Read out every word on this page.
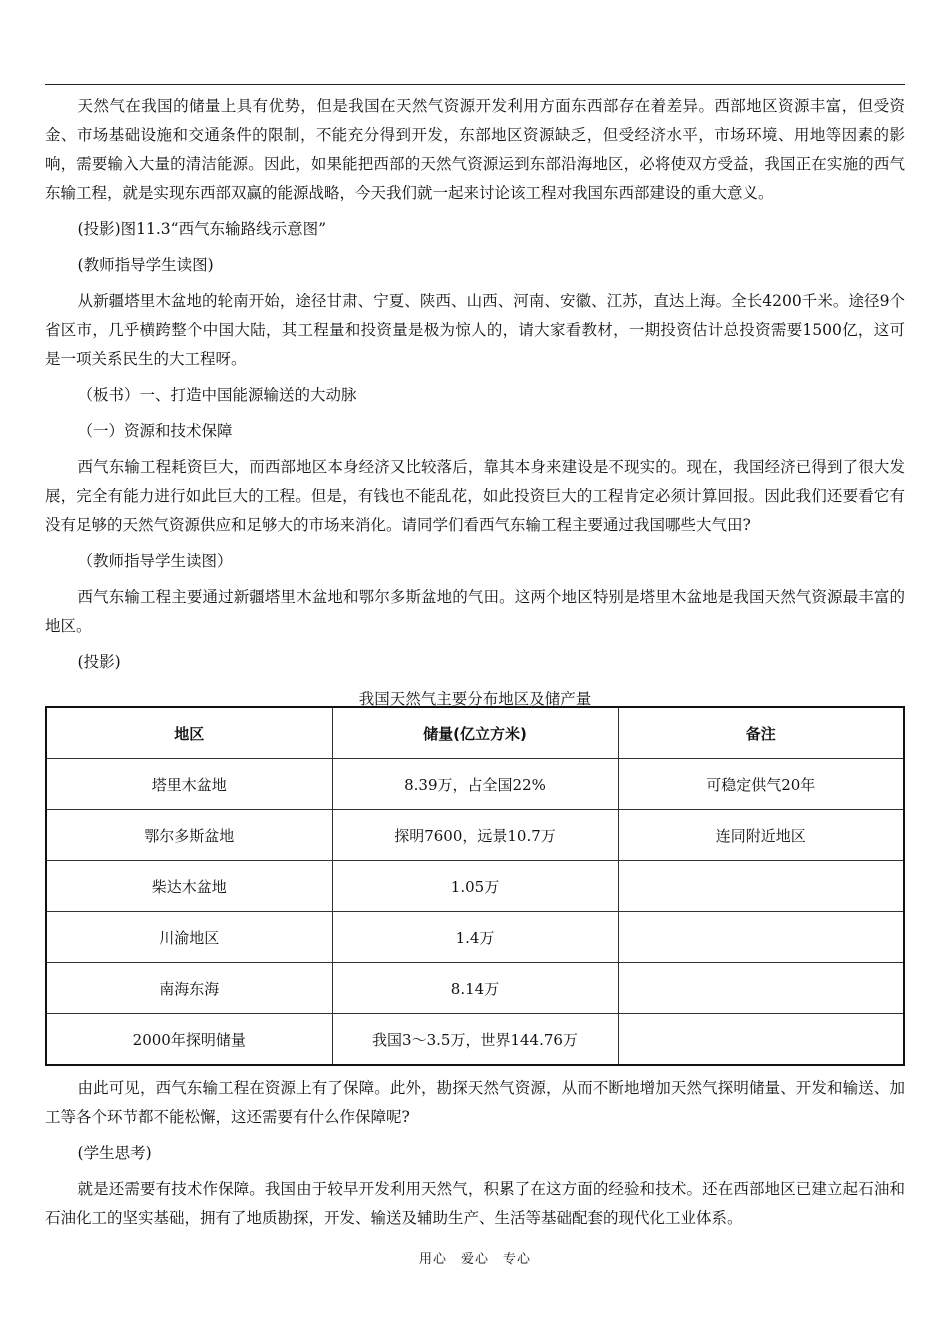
天然气在我国的储量上具有优势，但是我国在天然气资源开发利用方面东西部存在着差异。西部地区资源丰富，但受资金、市场基础设施和交通条件的限制，不能充分得到开发，东部地区资源缺乏，但受经济水平，市场环境、用地等因素的影响，需要输入大量的清洁能源。因此，如果能把西部的天然气资源运到东部沿海地区，必将使双方受益，我国正在实施的西气东输工程，就是实现东西部双赢的能源战略，今天我们就一起来讨论该工程对我国东西部建设的重大意义。

(投影)图11.3“西气东输路线示意图”

(教师指导学生读图)

从新疆塔里木盆地的轮南开始，途径甘肃、宁夏、陕西、山西、河南、安徽、江苏，直达上海。全长4200千米。途径9个省区市，几乎横跨整个中国大陆，其工程量和投资量是极为惊人的，请大家看教材，一期投资估计总投资需要1500亿，这可是一项关系民生的大工程呀。

（板书）一、打造中国能源输送的大动脉

（一）资源和技术保障

西气东输工程耗资巨大，而西部地区本身经济又比较落后，靠其本身来建设是不现实的。现在，我国经济已得到了很大发展，完全有能力进行如此巨大的工程。但是，有钱也不能乱花，如此投资巨大的工程肯定必须计算回报。因此我们还要看它有没有足够的天然气资源供应和足够大的市场来消化。请同学们看西气东输工程主要通过我国哪些大气田?

（教师指导学生读图）

西气东输工程主要通过新疆塔里木盆地和鄂尔多斯盆地的气田。这两个地区特别是塔里木盆地是我国天然气资源最丰富的地区。

(投影)

我国天然气主要分布地区及储产量

地区	储量(亿立方米)	备注
塔里木盆地	8.39万，占全国22%	可稳定供气20年
鄂尔多斯盆地	探明7600，远景10.7万	连同附近地区
柴达木盆地	1.05万	
川渝地区	1.4万	
南海东海	8.14万	
2000年探明储量	我国3～3.5万，世界144.76万	

由此可见，西气东输工程在资源上有了保障。此外，勘探天然气资源，从而不断地增加天然气探明储量、开发和输送、加工等各个环节都不能松懈，这还需要有什么作保障呢?

(学生思考)

就是还需要有技术作保障。我国由于较早开发利用天然气，积累了在这方面的经验和技术。还在西部地区已建立起石油和石油化工的坚实基础，拥有了地质勘探，开发、输送及辅助生产、生活等基础配套的现代化工业体系。

用心　爱心　专心
